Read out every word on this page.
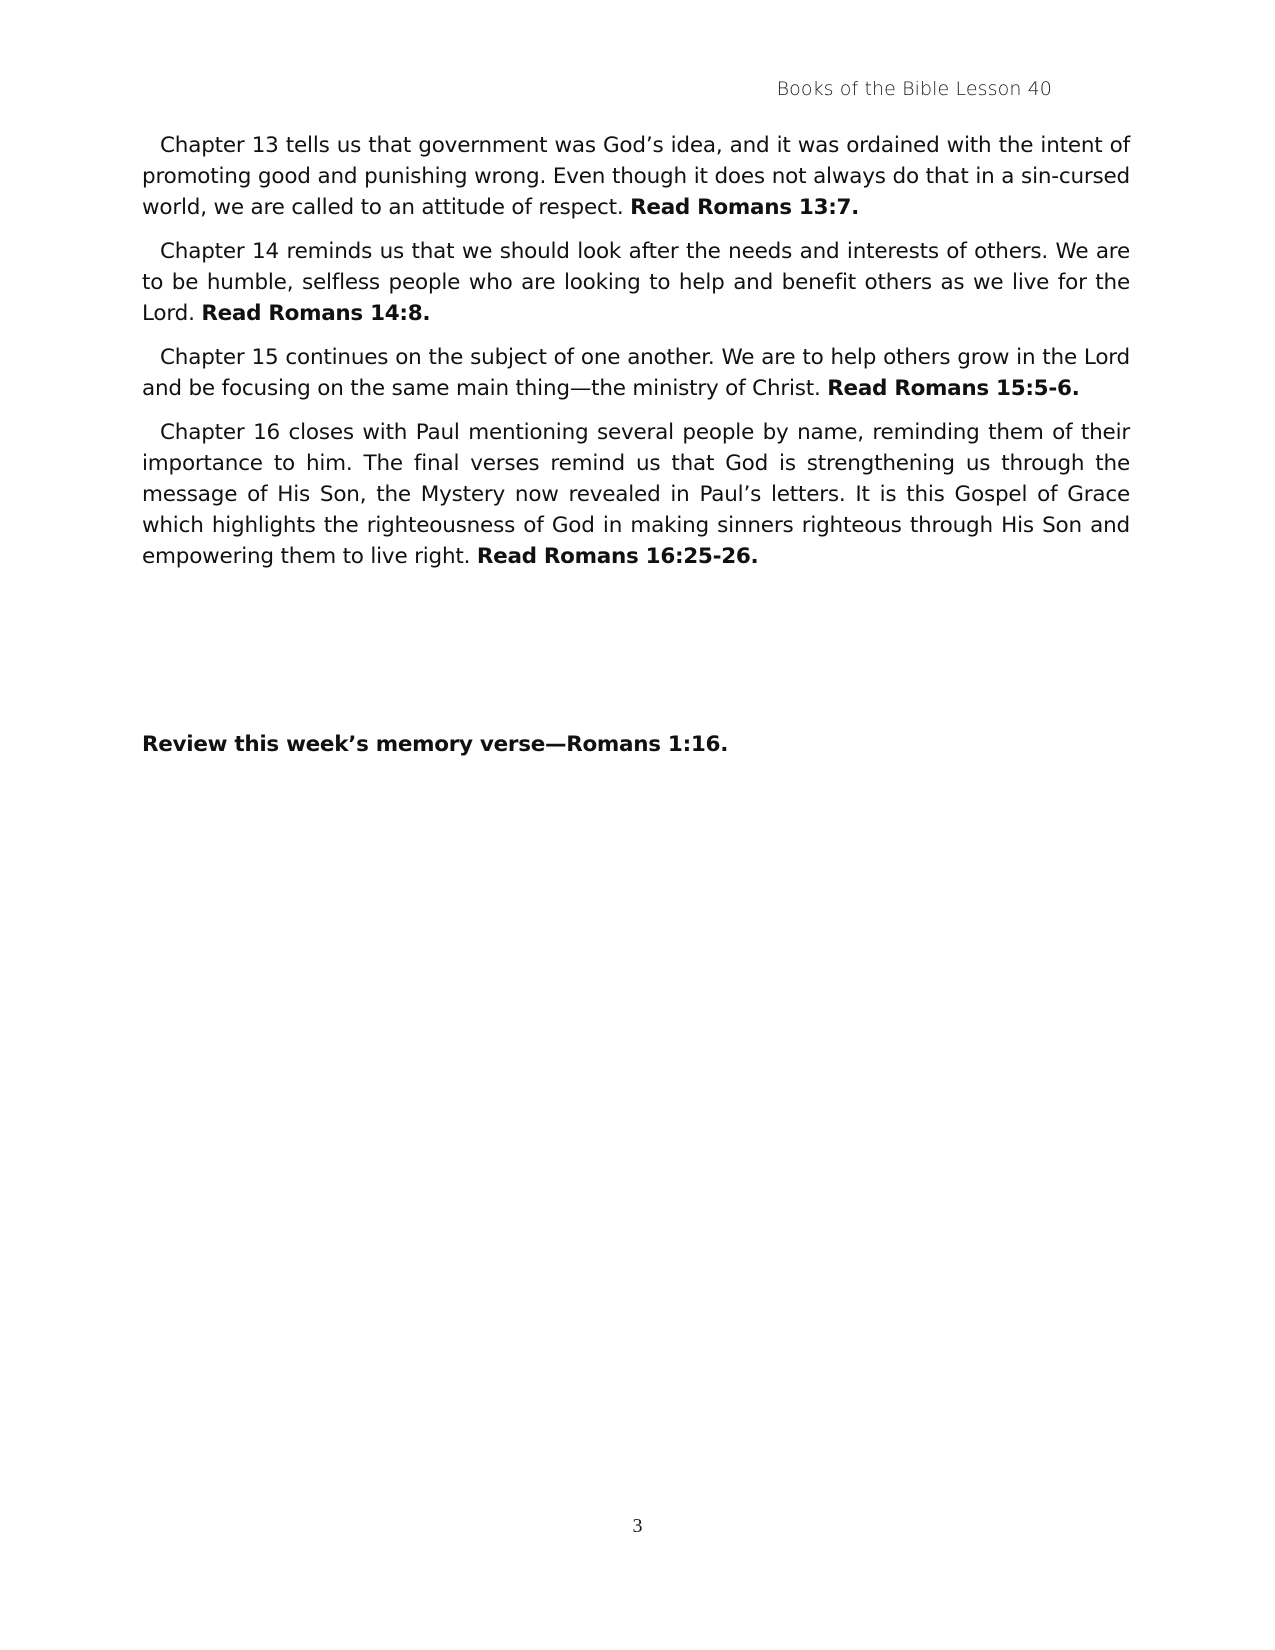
Books of the Bible Lesson 40

Chapter 13 tells us that government was God’s idea, and it was ordained with the intent of promoting good and punishing wrong. Even though it does not always do that in a sin-cursed world, we are called to an attitude of respect. Read Romans 13:7.

Chapter 14 reminds us that we should look after the needs and interests of others. We are to be humble, selfless people who are looking to help and benefit others as we live for the Lord. Read Romans 14:8.

Chapter 15 continues on the subject of one another. We are to help others grow in the Lord and be focusing on the same main thing—the ministry of Christ. Read Romans 15:5-6.

Chapter 16 closes with Paul mentioning several people by name, reminding them of their importance to him. The final verses remind us that God is strengthening us through the message of His Son, the Mystery now revealed in Paul’s letters. It is this Gospel of Grace which highlights the righteousness of God in making sinners righteous through His Son and empowering them to live right. Read Romans 16:25-26.

Review this week’s memory verse—Romans 1:16.
3
